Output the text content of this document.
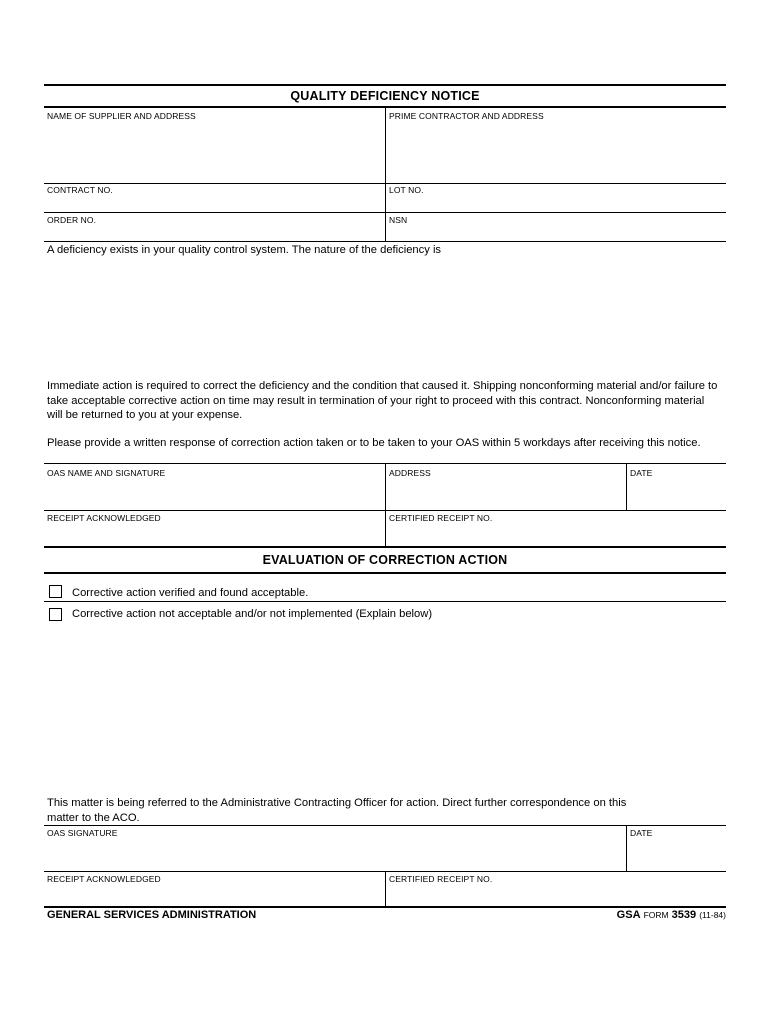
QUALITY DEFICIENCY NOTICE
NAME OF SUPPLIER AND ADDRESS	PRIME CONTRACTOR AND ADDRESS
CONTRACT NO.	LOT NO.
ORDER NO.	NSN
A deficiency exists in your quality control system. The nature of the deficiency is
Immediate action is required to correct the deficiency and the condition that caused it. Shipping nonconforming material and/or failure to take acceptable corrective action on time may result in termination of your right to proceed with this contract. Nonconforming material will be returned to you at your expense.
Please provide a written response of correction action taken or to be taken to your OAS within 5 workdays after receiving this notice.
OAS NAME AND SIGNATURE	ADDRESS	DATE
RECEIPT ACKNOWLEDGED	CERTIFIED RECEIPT NO.
EVALUATION OF CORRECTION ACTION
Corrective action verified and found acceptable.
Corrective action not acceptable and/or not implemented (Explain below)
This matter is being referred to the Administrative Contracting Officer for action. Direct further correspondence on this matter to the ACO.
OAS SIGNATURE	DATE
RECEIPT ACKNOWLEDGED	CERTIFIED RECEIPT NO.
GENERAL SERVICES ADMINISTRATION	GSA FORM 3539 (11-84)
